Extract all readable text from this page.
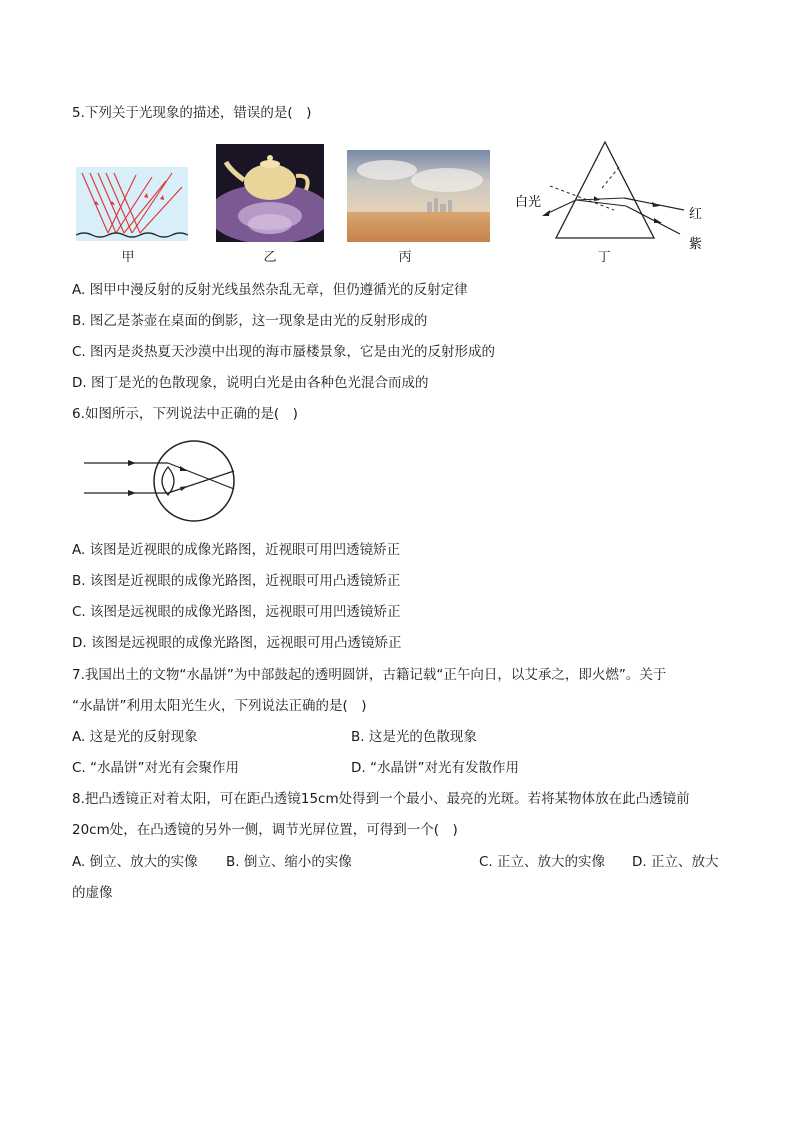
5.下列关于光现象的描述，错误的是(　)
甲	乙	丙
白光
红
紫
丁
A. 图甲中漫反射的反射光线虽然杂乱无章，但仍遵循光的反射定律
B. 图乙是茶壶在桌面的倒影，这一现象是由光的反射形成的
C. 图丙是炎热夏天沙漠中出现的海市蜃楼景象，它是由光的反射形成的
D. 图丁是光的色散现象，说明白光是由各种色光混合而成的
6.如图所示，下列说法中正确的是(　)
A. 该图是近视眼的成像光路图，近视眼可用凹透镜矫正
B. 该图是近视眼的成像光路图，近视眼可用凸透镜矫正
C. 该图是远视眼的成像光路图，远视眼可用凹透镜矫正
D. 该图是远视眼的成像光路图，远视眼可用凸透镜矫正
7.我国出土的文物“水晶饼”为中部鼓起的透明圆饼，古籍记载“正午向日，以艾承之，即火燃”。关于
“水晶饼”利用太阳光生火，下列说法正确的是(　)
A. 这是光的反射现象	B. 这是光的色散现象
C. “水晶饼”对光有会聚作用	D. “水晶饼”对光有发散作用
8.把凸透镜正对着太阳，可在距凸透镜15cm处得到一个最小、最亮的光斑。若将某物体放在此凸透镜前
20cm处，在凸透镜的另外一侧，调节光屏位置，可得到一个(　)
A. 倒立、放大的实像 B. 倒立、缩小的实像	C. 正立、放大的实像 D. 正立、放大
的虚像
